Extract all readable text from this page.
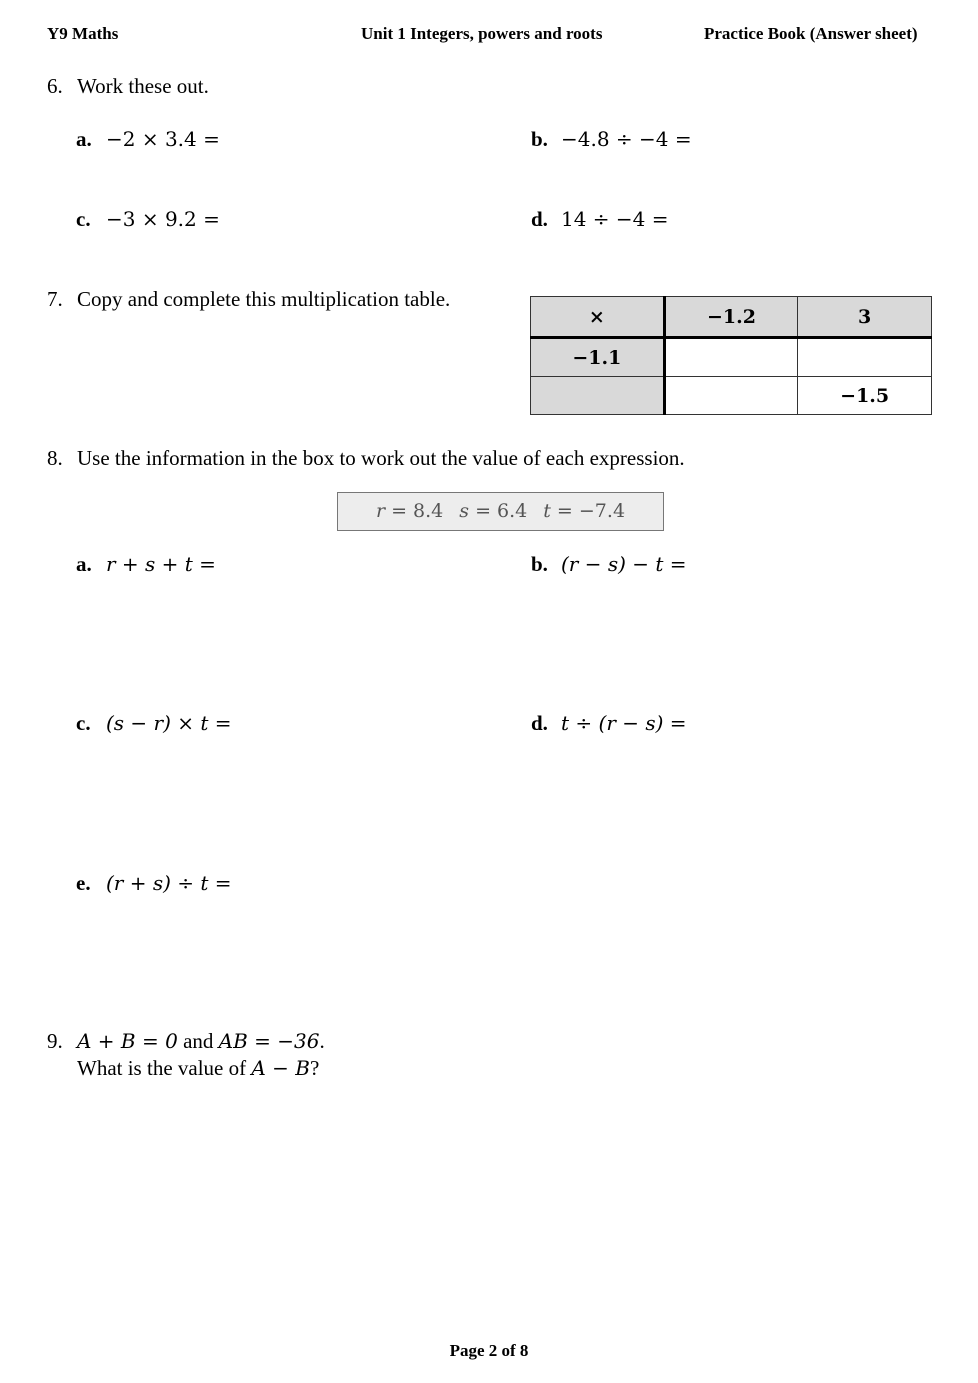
Y9 Maths	Unit 1 Integers, powers and roots	Practice Book (Answer sheet)
6. Work these out.
a. −2 × 3.4 =	b. −4.8 ÷ −4 =
c. −3 × 9.2 =	d. 14 ÷ −4 =
7. Copy and complete this multiplication table.
×	−1.2	3
−1.1		
		−1.5
8. Use the information in the box to work out the value of each expression.
r = 8.4 s = 6.4 t = −7.4
a. r + s + t =	b. (r − s) − t =
c. (s − r) × t =	d. t ÷ (r − s) =
e. (r + s) ÷ t =
9. A + B = 0 and AB = −36.
What is the value of A − B?
Page 2 of 8
